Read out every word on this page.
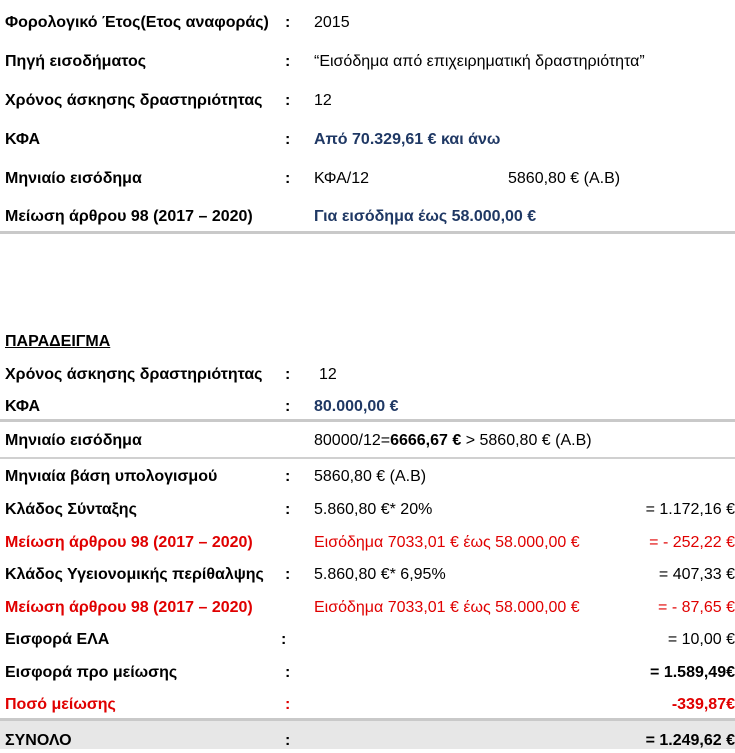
Φορολογικό Έτος(Ετος αναφοράς) : 2015
Πηγή εισοδήματος	: “Εισόδημα από επιχειρηματική δραστηριότητα”
Χρόνος άσκησης δραστηριότητας : 12
ΚΦΑ	: Από 70.329,61 € και άνω
Μηνιαίο εισόδημα	: ΚΦΑ/12	5860,80 € (Α.Β)
Μείωση άρθρου 98 (2017 – 2020)	Για εισόδημα έως 58.000,00 €
ΠΑΡΑΔΕΙΓΜΑ
Χρόνος άσκησης δραστηριότητας : 12
ΚΦΑ	: 80.000,00 €
Μηνιαίο εισόδημα	80000/12=6666,67 € > 5860,80 € (Α.Β)
Μηνιαία βάση υπολογισμού	: 5860,80 € (Α.Β)
Κλάδος Σύνταξης	: 5.860,80 €* 20%	= 1.172,16 €
Μείωση άρθρου 98 (2017 – 2020)	Εισόδημα 7033,01 € έως 58.000,00 €	= - 252,22 €
Κλάδος Υγειονομικής περίθαλψης : 5.860,80 €* 6,95%	= 407,33 €
Μείωση άρθρου 98 (2017 – 2020)	Εισόδημα 7033,01 € έως 58.000,00 €	= - 87,65 €
Εισφορά ΕΛΑ	:	= 10,00 €
Εισφορά προ μείωσης	:	= 1.589,49€
Ποσό μείωσης	:	-339,87€
ΣΥΝΟΛΟ	:	= 1.249,62 €
